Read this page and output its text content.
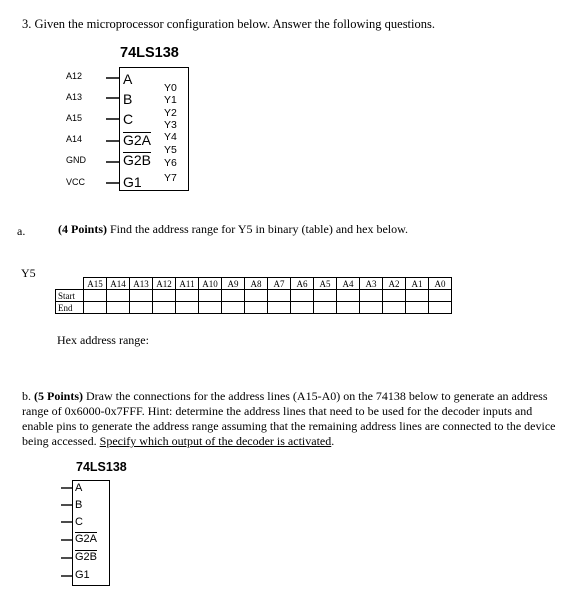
3. Given the microprocessor configuration below. Answer the following questions.
74LS138
A12
A13
A15
A14
GND
VCC
A
B
C
G2A
G2B
G1
Y0
Y1
Y2
Y3
Y4
Y5
Y6
Y7
a.	(4 Points) Find the address range for Y5 in binary (table) and hex below.
Y5
	A15	A14	A13	A12	A11	A10	A9	A8	A7	A6	A5	A4	A3	A2	A1	A0
Start																
End																
Hex address range:
b. (5 Points) Draw the connections for the address lines (A15-A0) on the 74138 below to generate an address range of 0x6000-0x7FFF. Hint: determine the address lines that need to be used for the decoder inputs and enable pins to generate the address range assuming that the remaining address lines are connected to the device being accessed. Specify which output of the decoder is activated.
74LS138
A
B
C
G2A
G2B
G1
